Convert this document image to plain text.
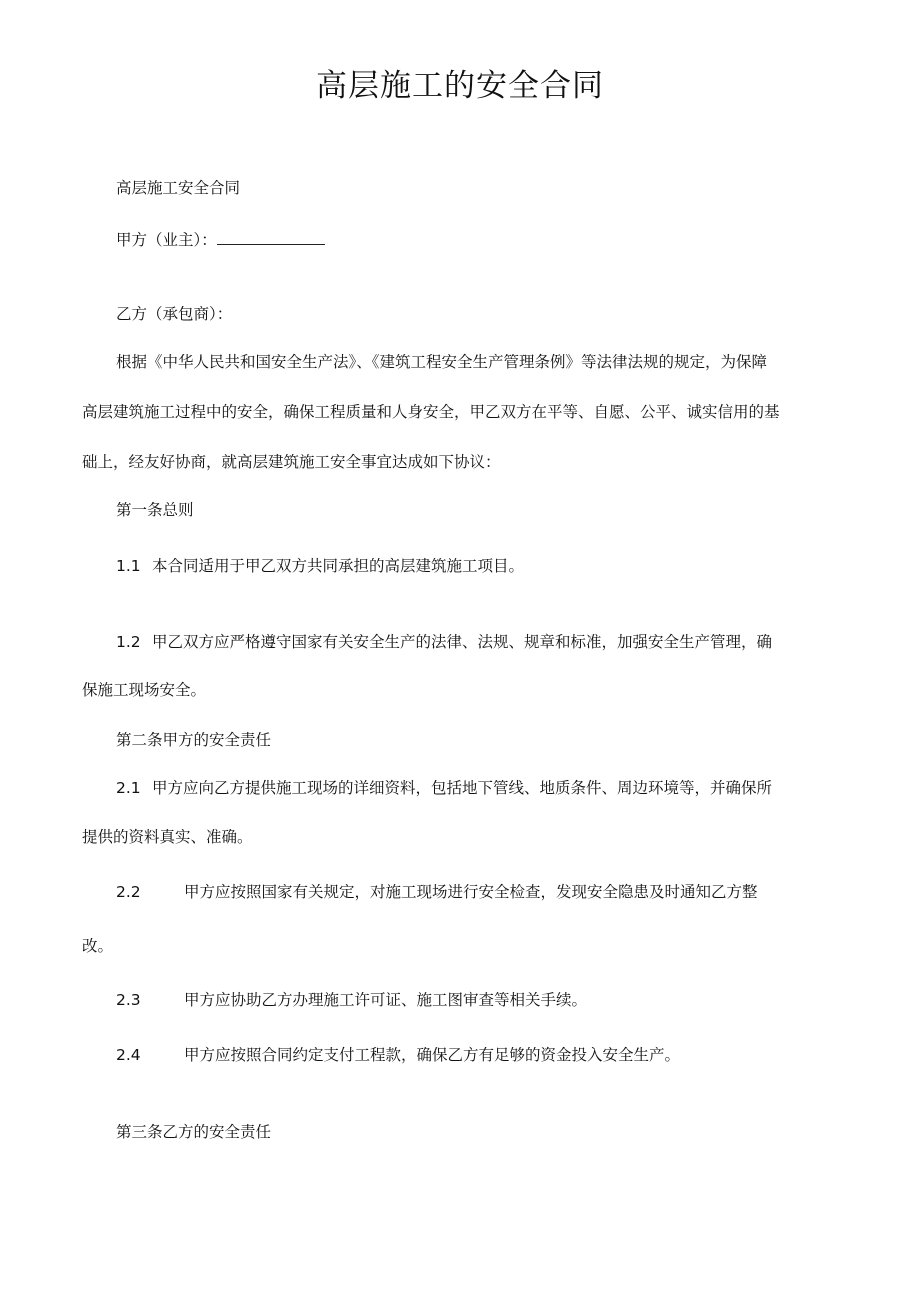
高层施工的安全合同
高层施工安全合同
甲方（业主）：
乙方（承包商）：
根据《中华人民共和国安全生产法》、《建筑工程安全生产管理条例》等法律法规的规定，为保障
高层建筑施工过程中的安全，确保工程质量和人身安全，甲乙双方在平等、自愿、公平、诚实信用的基
础上，经友好协商，就高层建筑施工安全事宜达成如下协议：
第一条总则
1.1 本合同适用于甲乙双方共同承担的高层建筑施工项目。
1.2 甲乙双方应严格遵守国家有关安全生产的法律、法规、规章和标准，加强安全生产管理，确
保施工现场安全。
第二条甲方的安全责任
2.1 甲方应向乙方提供施工现场的详细资料，包括地下管线、地质条件、周边环境等，并确保所
提供的资料真实、准确。
2.2	甲方应按照国家有关规定，对施工现场进行安全检查，发现安全隐患及时通知乙方整
改。
2.3	甲方应协助乙方办理施工许可证、施工图审查等相关手续。
2.4	甲方应按照合同约定支付工程款，确保乙方有足够的资金投入安全生产。
第三条乙方的安全责任
